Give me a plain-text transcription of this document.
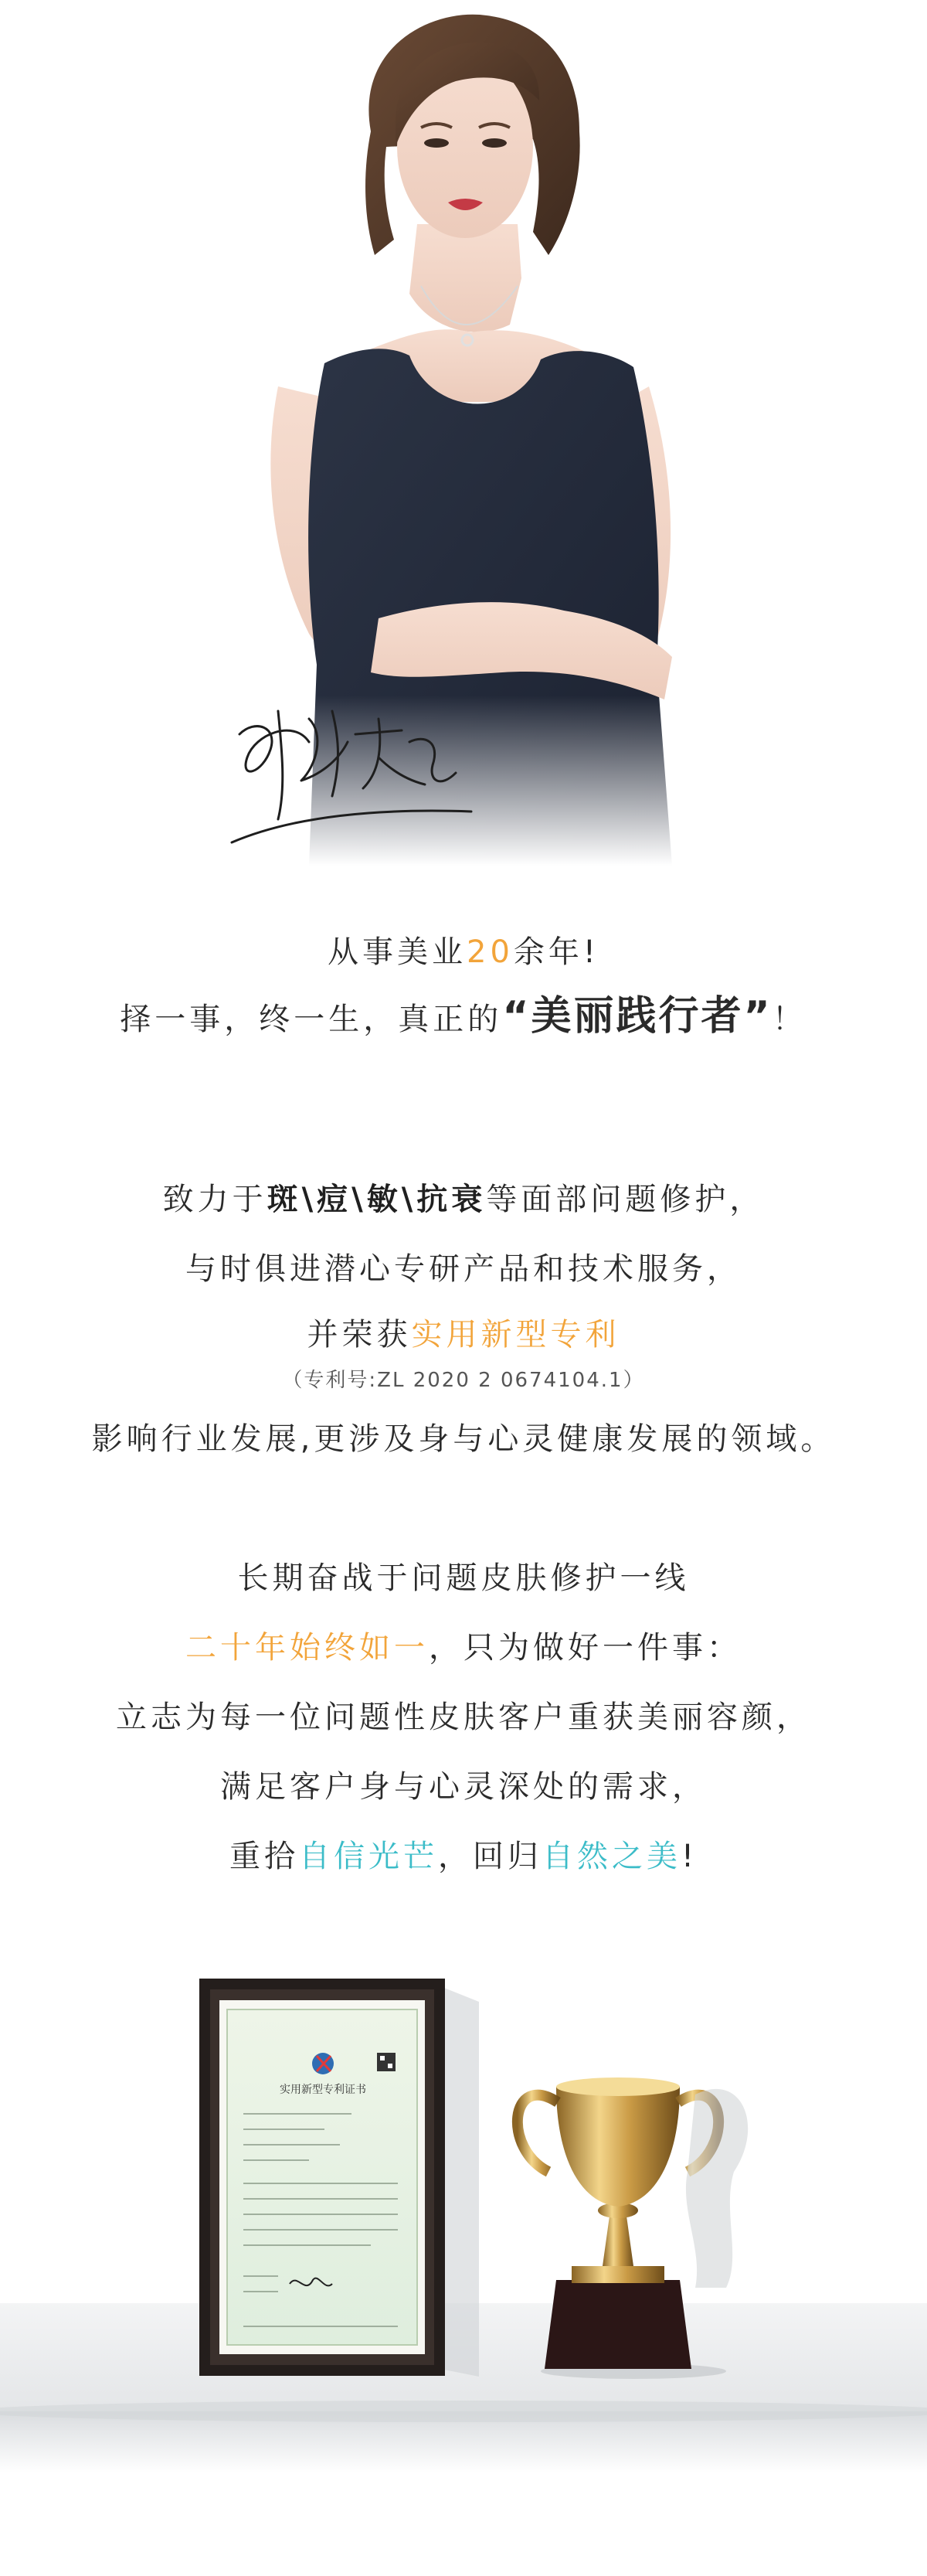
从事美业20余年!
择一事，终一生，真正的“美丽践行者”！
致力于斑\痘\敏\抗衰等面部问题修护，
与时俱进潜心专研产品和技术服务，
并荣获实用新型专利
（专利号:ZL 2020 2 0674104.1）
影响行业发展,更涉及身与心灵健康发展的领域。
长期奋战于问题皮肤修护一线
二十年始终如一，只为做好一件事：
立志为每一位问题性皮肤客户重获美丽容颜，
满足客户身与心灵深处的需求，
重拾自信光芒，回归自然之美!
实用新型专利证书
